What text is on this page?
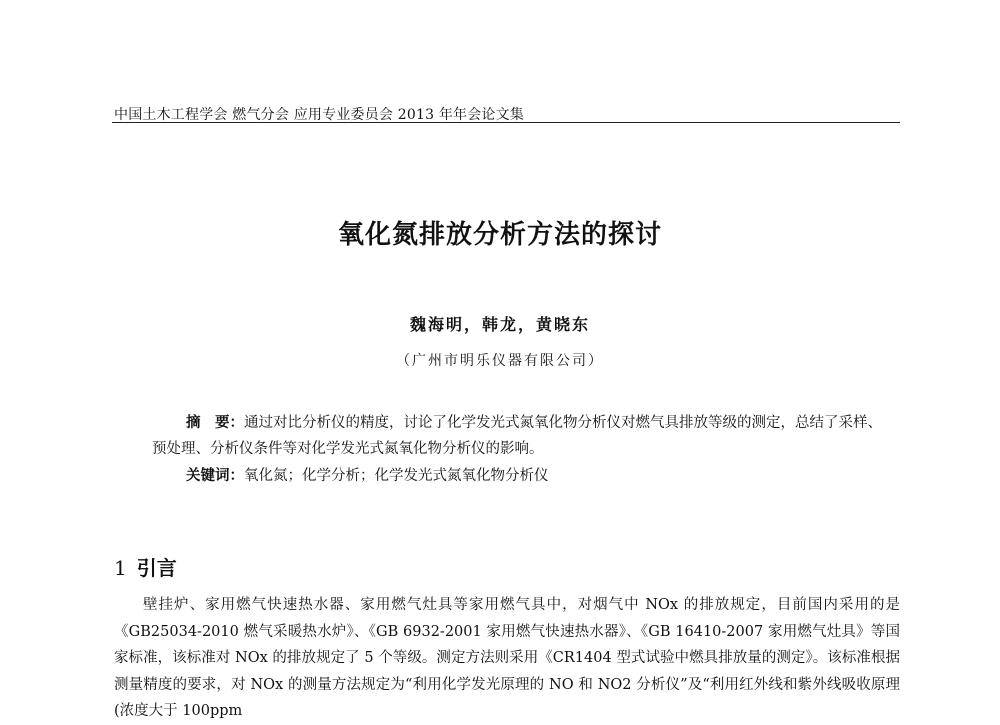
中国土木工程学会 燃气分会 应用专业委员会 2013 年年会论文集
氧化氮排放分析方法的探讨
魏海明，韩龙，黄晓东
（广州市明乐仪器有限公司）

摘　要：通过对比分析仪的精度，讨论了化学发光式氮氧化物分析仪对燃气具排放等级的测定，总结了采样、预处理、分析仪条件等对化学发光式氮氧化物分析仪的影响。

关键词：氧化氮；化学分析；化学发光式氮氧化物分析仪
1 引言

壁挂炉、家用燃气快速热水器、家用燃气灶具等家用燃气具中，对烟气中 NOx 的排放规定，目前国内采用的是《GB25034-2010 燃气采暖热水炉》、《GB 6932-2001 家用燃气快速热水器》、《GB 16410-2007 家用燃气灶具》等国家标准，该标准对 NOx 的排放规定了 5 个等级。测定方法则采用《CR1404 型式试验中燃具排放量的测定》。该标准根据测量精度的要求，对 NOx 的测量方法规定为“利用化学发光原理的 NO 和 NO2 分析仪”及“利用红外线和紫外线吸收原理(浓度大于 100ppm
